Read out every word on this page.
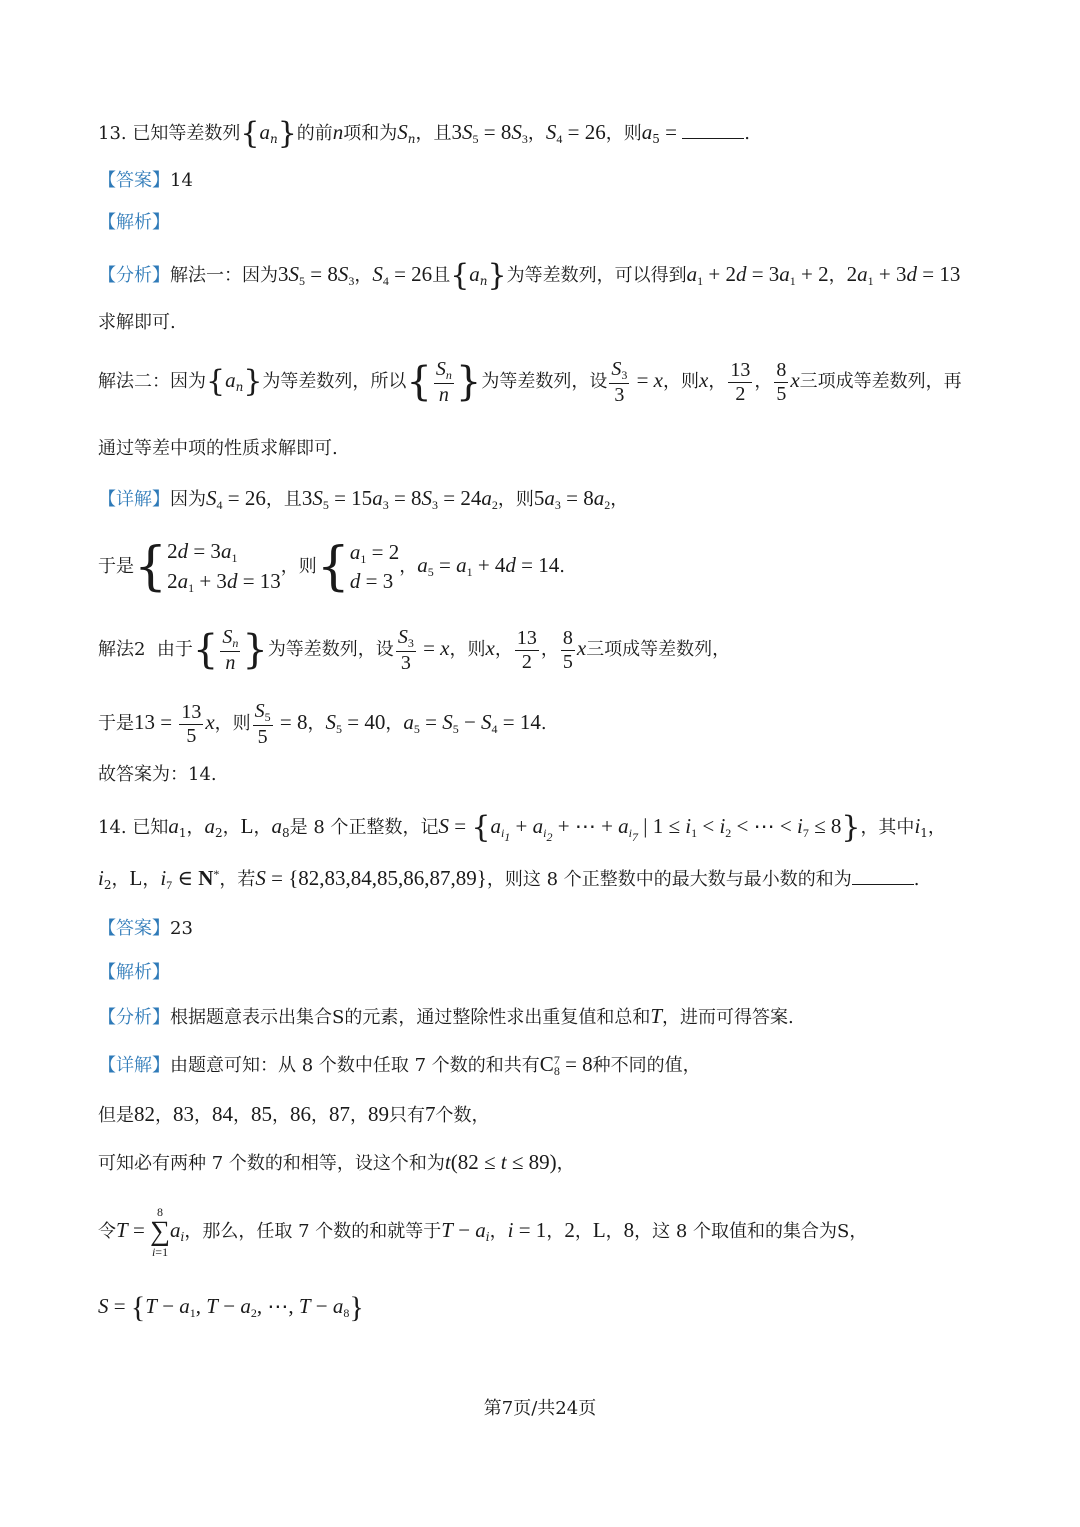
13. 已知等差数列$\{a_n\}$的前n项和为$S_n$，且$3S_5 = 8S_3$，$S_4 = 26$，则$a_5$ =	.
【答案】14
【解析】
【分析】解法一：因为$3S_5 = 8S_3$，$S_4 = 26$且$\{a_n\}$为等差数列，可以得到$a_1 + 2d = 3a_1 + 2$，$2a_1 + 3d = 13$
求解即可.
解法二：因为$\{a_n\}$为等差数列，所以{ $\frac{S_n}{n}$ }为等差数列，设 $\frac{S_3}{3} = x$，则x， $\frac{13}{2}$ ， $\frac{8}{5}$ x三项成等差数列，再
通过等差中项的性质求解即可.
【详解】因为$S_4 = 26$，且$3S_5 = 15a_3 = 8S_3 = 24a_2$，则$5a_3 = 8a_2$，
于是{ $2d = 3a_1$
$2a_1 + 3d = 13$
，则{ $a_1 = 2$
d = 3
，$a_5 = a_1 + 4d = 14$.
解法2  由于{ $\frac{S_n}{n}$ }为等差数列，设 $\frac{S_3}{3} = x$，则x， $\frac{13}{2}$ ， $\frac{8}{5}$ x三项成等差数列，
于是$13 = \frac{13}{5}$ x，则 $\frac{S_5}{5} = 8$，$S_5 = 40$，$a_5 = S_5 - S_4 = 14$.
故答案为：14.
14. 已知$a_1$，$a_2$，L，$a_8$是 8 个正整数，记$S = \{a_{i_1} + a_{i_2}$ + ⋯ + $a_{i_7}$ | $1 \le i_1 < i_2$ < ⋯ < $i_7 \le 8$}，其中$i_1$，
$i_2$，L，$i_7$ ∈ N*，若S = {82,83,84,85,86,87,89}，则这 8 个正整数中的最大数与最小数的和为	.
【答案】23
【解析】
【分析】根据题意表示出集合S的元素，通过整除性求出重复值和总和T，进而可得答案.
【详解】由题意可知：从 8 个数中任取 7 个数的和共有C 7
8 = 8种不同的值，
但是82，83，84，85，86，87，89只有7个数，
可知必有两种 7 个数的和相等，设这个和为t(82 ≤ t ≤ 89)，
令T =
8
∑
i=1
$a_i$，那么，任取 7 个数的和就等于$T - a_i$，i = 1，2，L，8，这 8 个取值和的集合为S，
$S = \{T - a_1$, $T - a_2$, ⋯, $T - a_8$}
第7页/共24页
